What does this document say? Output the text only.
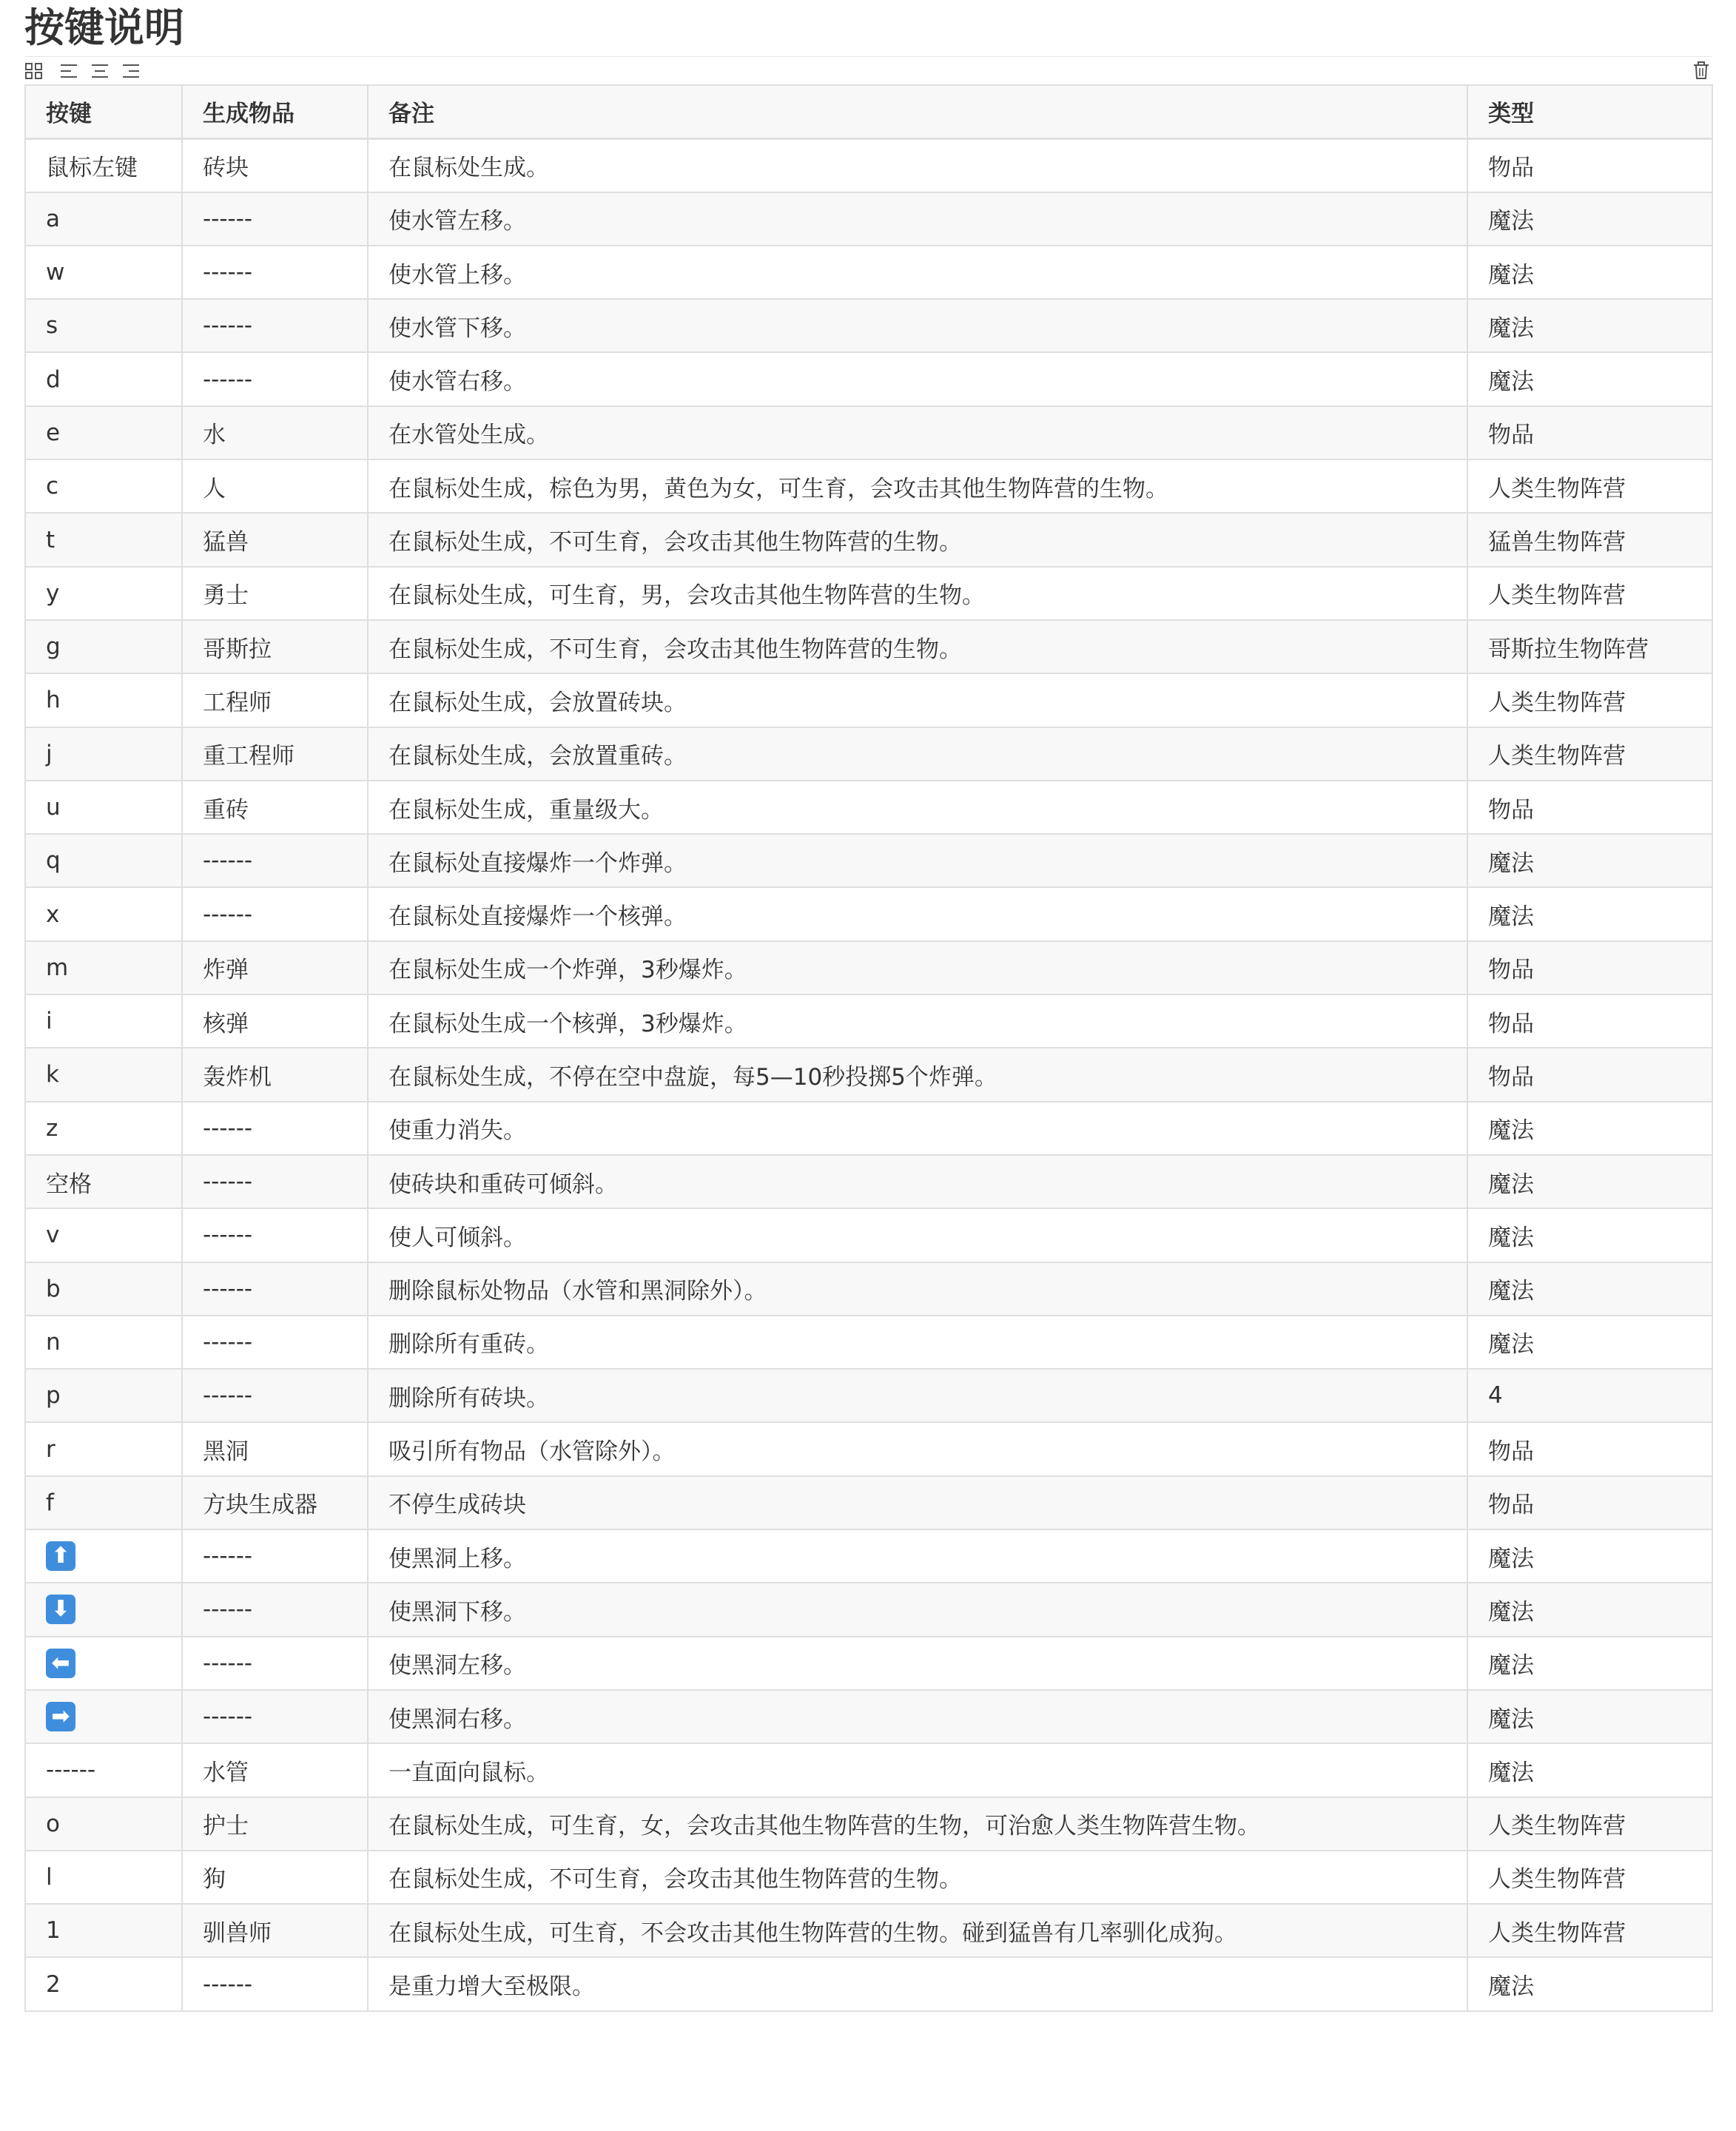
按键说明
按键	生成物品	备注	类型
鼠标左键	砖块	在鼠标处生成。	物品
a	------	使水管左移。	魔法
w	------	使水管上移。	魔法
s	------	使水管下移。	魔法
d	------	使水管右移。	魔法
e	水	在水管处生成。	物品
c	人	在鼠标处生成，棕色为男，黄色为女，可生育，会攻击其他生物阵营的生物。	人类生物阵营
t	猛兽	在鼠标处生成，不可生育，会攻击其他生物阵营的生物。	猛兽生物阵营
y	勇士	在鼠标处生成，可生育，男，会攻击其他生物阵营的生物。	人类生物阵营
g	哥斯拉	在鼠标处生成，不可生育，会攻击其他生物阵营的生物。	哥斯拉生物阵营
h	工程师	在鼠标处生成，会放置砖块。	人类生物阵营
j	重工程师	在鼠标处生成，会放置重砖。	人类生物阵营
u	重砖	在鼠标处生成，重量级大。	物品
q	------	在鼠标处直接爆炸一个炸弹。	魔法
x	------	在鼠标处直接爆炸一个核弹。	魔法
m	炸弹	在鼠标处生成一个炸弹，3秒爆炸。	物品
i	核弹	在鼠标处生成一个核弹，3秒爆炸。	物品
k	轰炸机	在鼠标处生成，不停在空中盘旋，每5—10秒投掷5个炸弹。	物品
z	------	使重力消失。	魔法
空格	------	使砖块和重砖可倾斜。	魔法
v	------	使人可倾斜。	魔法
b	------	删除鼠标处物品（水管和黑洞除外）。	魔法
n	------	删除所有重砖。	魔法
p	------	删除所有砖块。	4
r	黑洞	吸引所有物品（水管除外）。	物品
f	方块生成器	不停生成砖块	物品
⬆	------	使黑洞上移。	魔法
⬇	------	使黑洞下移。	魔法
⬅	------	使黑洞左移。	魔法
➡	------	使黑洞右移。	魔法
------	水管	一直面向鼠标。	魔法
o	护士	在鼠标处生成，可生育，女，会攻击其他生物阵营的生物，可治愈人类生物阵营生物。	人类生物阵营
l	狗	在鼠标处生成，不可生育，会攻击其他生物阵营的生物。	人类生物阵营
1	驯兽师	在鼠标处生成，可生育，不会攻击其他生物阵营的生物。碰到猛兽有几率驯化成狗。	人类生物阵营
2	------	是重力增大至极限。	魔法
